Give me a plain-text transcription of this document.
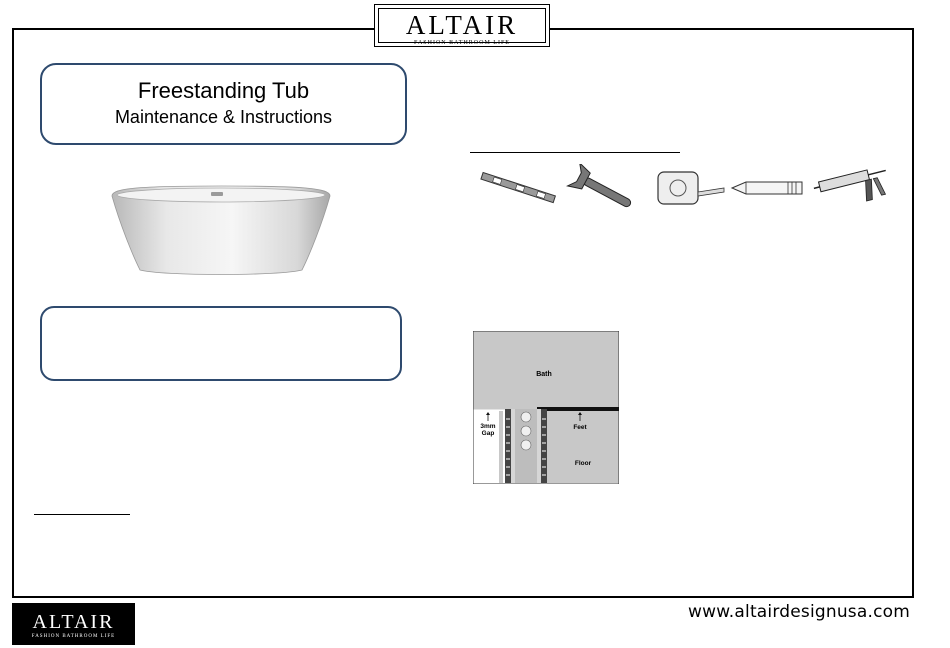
ALTAIR
FASHION BATHROOM LIFE
Freestanding Tub
Maintenance & Instructions
Bath
3mm
Gap
Feet
Floor
ALTAIR
FASHION BATHROOM LIFE
www.altairdesignusa.com
